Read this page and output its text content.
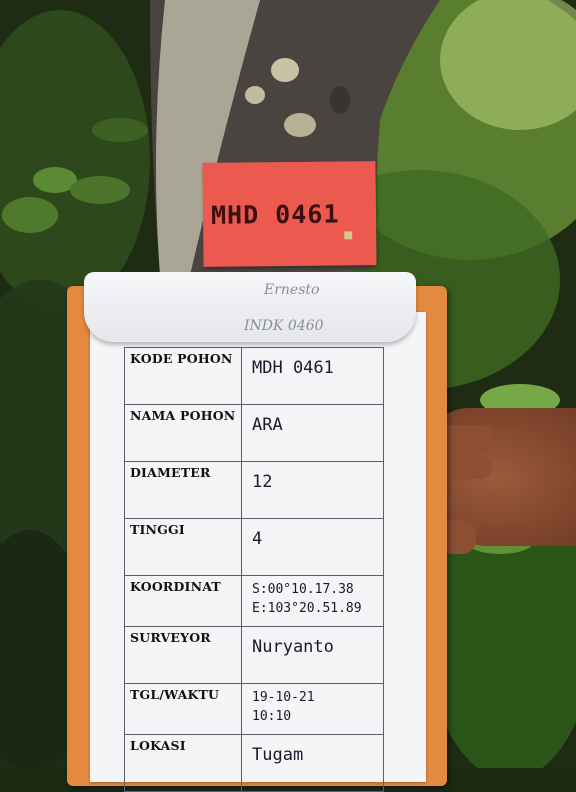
MHD 0461
Ernesto
INDK 0460
KODE POHON	MDH 0461
NAMA POHON	ARA
DIAMETER	12
TINGGI	4
KOORDINAT	S:00°10.17.38
E:103°20.51.89

SURVEYOR	Nuryanto
TGL/WAKTU	19-10-21
10:10

LOKASI	Tugam
